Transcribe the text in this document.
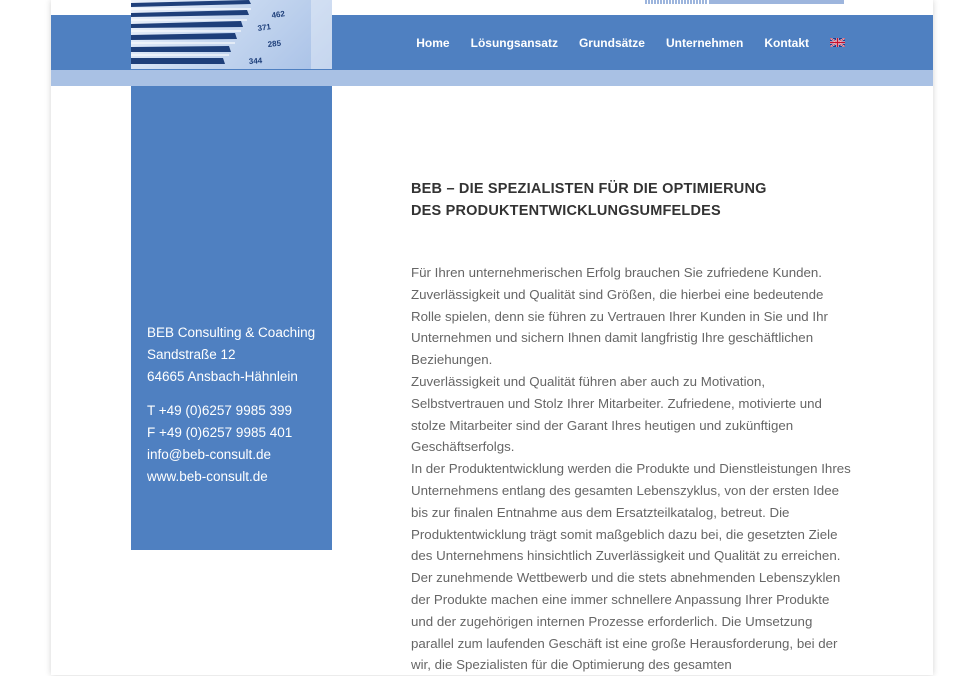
462
371
285
344
Home Lösungsansatz Grundsätze Unternehmen Kontakt
BEB Consulting & Coaching
Sandstraße 12
64665 Ansbach-Hähnlein
T +49 (0)6257 9985 399
F +49 (0)6257 9985 401
info@beb-consult.de
www.beb-consult.de
BEB – DIE SPEZIALISTEN FÜR DIE OPTIMIERUNG
DES PRODUKTENTWICKLUNGSUMFELDES

Für Ihren unternehmerischen Erfolg brauchen Sie zufriedene Kunden. Zuverlässigkeit und Qualität sind Größen, die hierbei eine bedeutende Rolle spielen, denn sie führen zu Vertrauen Ihrer Kunden in Sie und Ihr Unternehmen und sichern Ihnen damit langfristig Ihre geschäftlichen Beziehungen.

Zuverlässigkeit und Qualität führen aber auch zu Motivation, Selbstvertrauen und Stolz Ihrer Mitarbeiter. Zufriedene, motivierte und stolze Mitarbeiter sind der Garant Ihres heutigen und zukünftigen Geschäftserfolgs.

In der Produktentwicklung werden die Produkte und Dienstleistungen Ihres Unternehmens entlang des gesamten Lebenszyklus, von der ersten Idee bis zur finalen Entnahme aus dem Ersatzteilkatalog, betreut. Die Produktentwicklung trägt somit maßgeblich dazu bei, die gesetzten Ziele des Unternehmens hinsichtlich Zuverlässigkeit und Qualität zu erreichen.

Der zunehmende Wettbewerb und die stets abnehmenden Lebenszyklen der Produkte machen eine immer schnellere Anpassung Ihrer Produkte und der zugehörigen internen Prozesse erforderlich. Die Umsetzung parallel zum laufenden Geschäft ist eine große Herausforderung, bei der wir, die Spezialisten für die Optimierung des gesamten
